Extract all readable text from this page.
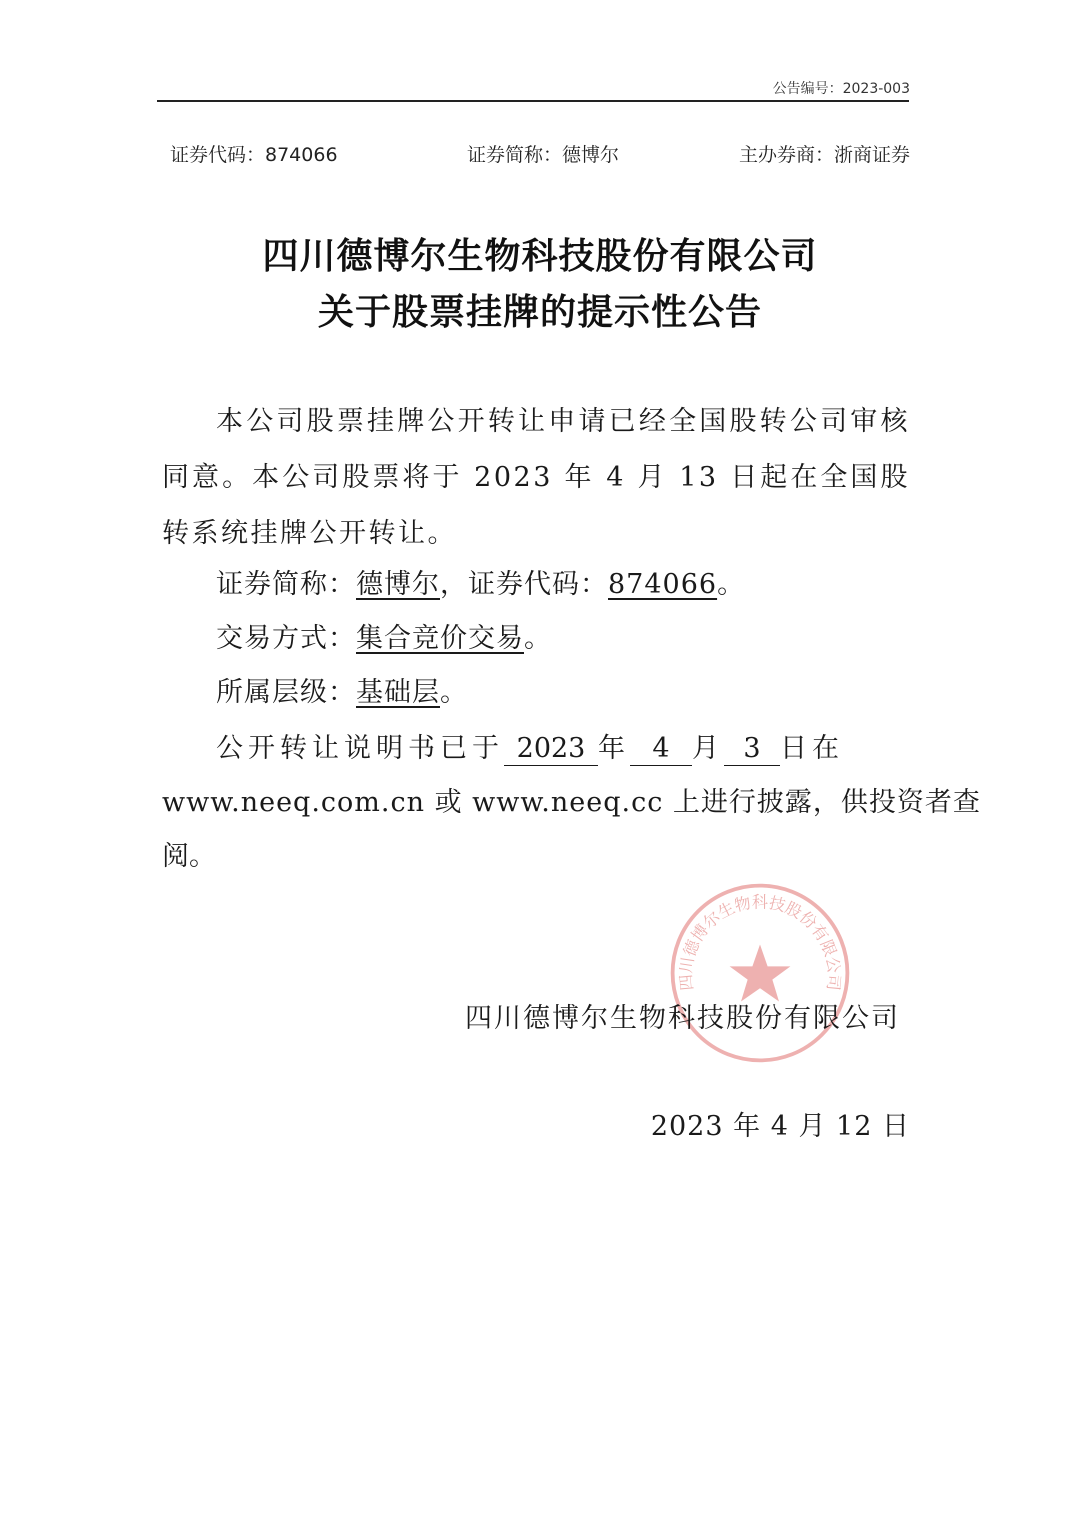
公告编号：2023-003
证券代码：874066	证券简称：德博尔	主办券商：浙商证券
四川德博尔生物科技股份有限公司
关于股票挂牌的提示性公告
本公司股票挂牌公开转让申请已经全国股转公司审核同意。本公司股票将于 2023 年 4 月 13 日起在全国股转系统挂牌公开转让。
证券简称：德博尔，证券代码：874066。
交易方式：集合竞价交易。
所属层级：基础层。
公开转让说明书已于 2023 年 4 月 3 日在
www.neeq.com.cn 或 www.neeq.cc 上进行披露，供投资者查
阅。
四川德博尔生物科技股份有限公司
四川德博尔生物科技股份有限公司
2023 年 4 月 12 日
